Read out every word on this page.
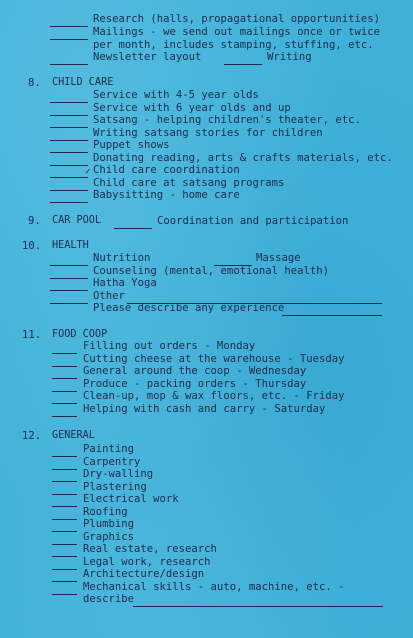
Research (halls, propagational opportunities)
Mailings - we send out mailings once or twice
per month, includes stamping, stuffing, etc.
Newsletter layout	Writing
8. CHILD CARE
Service with 4-5 year olds
Service with 6 year olds and up
Satsang - helping children's theater, etc.
Writing satsang stories for children
Puppet shows
Donating reading, arts & crafts materials, etc.
✓ Child care coordination
Child care at satsang programs
Babysitting - home care
9. CAR POOL	Coordination and participation
10. HEALTH
Nutrition	Massage
Counseling (mental, emotional health)
Hatha Yoga
Other
Please describe any experience
11. FOOD COOP
Filling out orders - Monday
Cutting cheese at the warehouse - Tuesday
General around the coop - Wednesday
Produce - packing orders - Thursday
Clean-up, mop & wax floors, etc. - Friday
Helping with cash and carry - Saturday
12. GENERAL
Painting
Carpentry
Dry-walling
Plastering
Electrical work
Roofing
Plumbing
Graphics
Real estate, research
Legal work, research
Architecture/design
Mechanical skills - auto, machine, etc. -
describe
